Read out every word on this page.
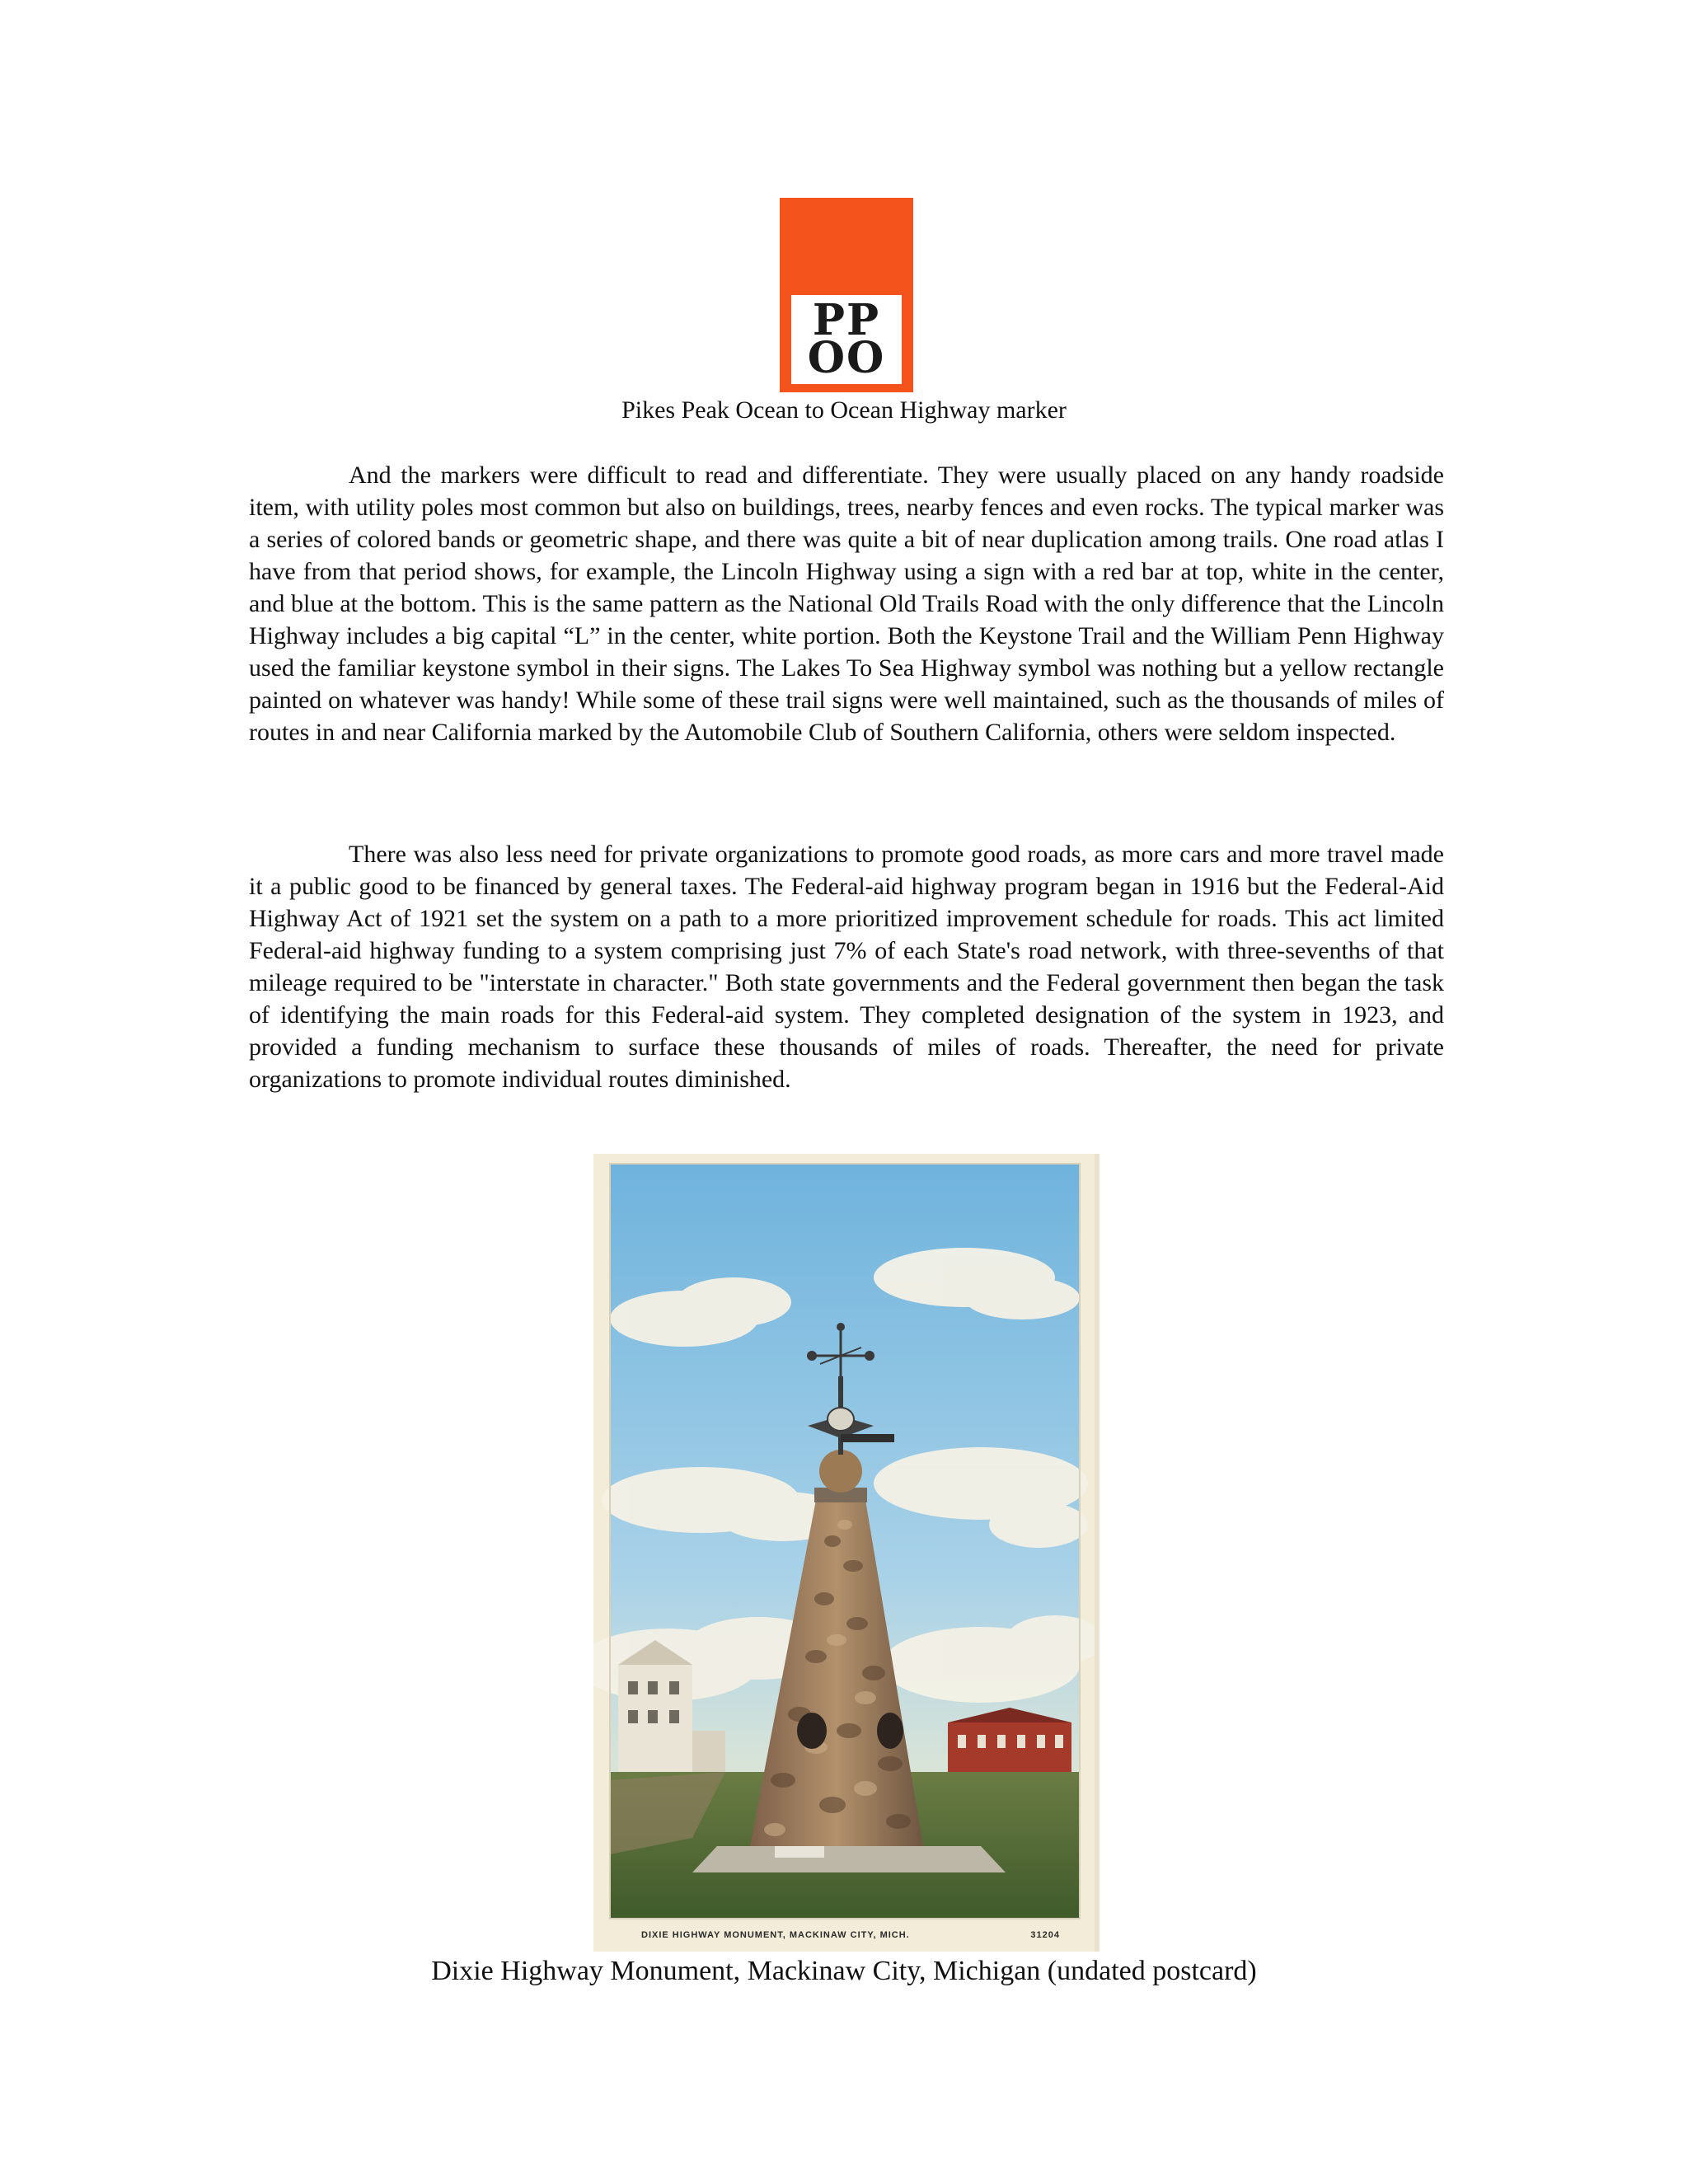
PP
OO
Pikes Peak Ocean to Ocean Highway marker

And the markers were difficult to read and differentiate. They were usually placed on any handy roadside item, with utility poles most common but also on buildings, trees, nearby fences and even rocks. The typical marker was a series of colored bands or geometric shape, and there was quite a bit of near duplication among trails. One road atlas I have from that period shows, for example, the Lincoln Highway using a sign with a red bar at top, white in the center, and blue at the bottom. This is the same pattern as the National Old Trails Road with the only difference that the Lincoln Highway includes a big capital “L” in the center, white portion. Both the Keystone Trail and the William Penn Highway used the familiar keystone symbol in their signs. The Lakes To Sea Highway symbol was nothing but a yellow rectangle painted on whatever was handy! While some of these trail signs were well maintained, such as the thousands of miles of routes in and near California marked by the Automobile Club of Southern California, others were seldom inspected.

There was also less need for private organizations to promote good roads, as more cars and more travel made it a public good to be financed by general taxes. The Federal-aid highway program began in 1916 but the Federal-Aid Highway Act of 1921 set the system on a path to a more prioritized improvement schedule for roads. This act limited Federal-aid highway funding to a system comprising just 7% of each State's road network, with three-sevenths of that mileage required to be "interstate in character." Both state governments and the Federal government then began the task of identifying the main roads for this Federal-aid system. They completed designation of the system in 1923, and provided a funding mechanism to surface these thousands of miles of roads. Thereafter, the need for private organizations to promote individual routes diminished.

DIXIE HIGHWAY MONUMENT, MACKINAW CITY, MICH.	31204
Dixie Highway Monument, Mackinaw City, Michigan (undated postcard)
